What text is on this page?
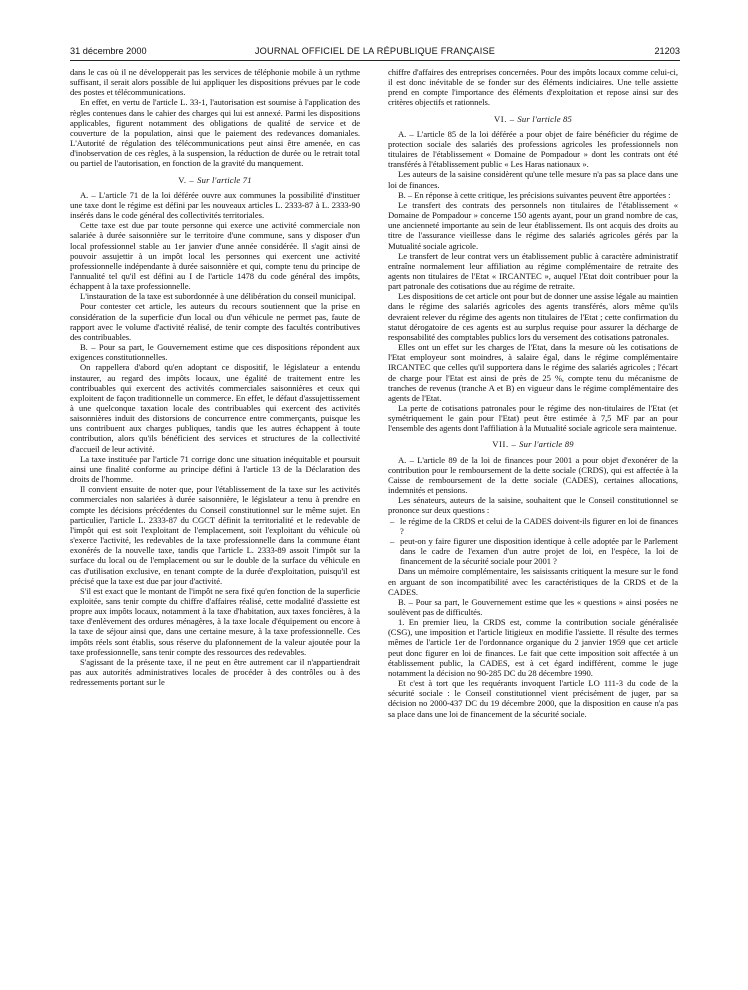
31 décembre 2000	JOURNAL OFFICIEL DE LA RÉPUBLIQUE FRANÇAISE	21203

dans le cas où il ne développerait pas les services de téléphonie mobile à un rythme suffisant, il serait alors possible de lui appliquer les dispositions prévues par le code des postes et télécommunications.

En effet, en vertu de l'article L. 33-1, l'autorisation est soumise à l'application des règles contenues dans le cahier des charges qui lui est annexé. Parmi les dispositions applicables, figurent notamment des obligations de qualité de service et de couverture de la population, ainsi que le paiement des redevances domaniales. L'Autorité de régulation des télécommunications peut ainsi être amenée, en cas d'inobservation de ces règles, à la suspension, la réduction de durée ou le retrait total ou partiel de l'autorisation, en fonction de la gravité du manquement.

V. – Sur l'article 71

A. – L'article 71 de la loi déférée ouvre aux communes la possibilité d'instituer une taxe dont le régime est défini par les nouveaux articles L. 2333-87 à L. 2333-90 insérés dans le code général des collectivités territoriales.

Cette taxe est due par toute personne qui exerce une activité commerciale non salariée à durée saisonnière sur le territoire d'une commune, sans y disposer d'un local professionnel stable au 1er janvier d'une année considérée. Il s'agit ainsi de pouvoir assujettir à un impôt local les personnes qui exercent une activité professionnelle indépendante à durée saisonnière et qui, compte tenu du principe de l'annualité tel qu'il est défini au I de l'article 1478 du code général des impôts, échappent à la taxe professionnelle.

L'instauration de la taxe est subordonnée à une délibération du conseil municipal.

Pour contester cet article, les auteurs du recours soutiennent que la prise en considération de la superficie d'un local ou d'un véhicule ne permet pas, faute de rapport avec le volume d'activité réalisé, de tenir compte des facultés contributives des contribuables.

B. – Pour sa part, le Gouvernement estime que ces dispositions répondent aux exigences constitutionnelles.

On rappellera d'abord qu'en adoptant ce dispositif, le législateur a entendu instaurer, au regard des impôts locaux, une égalité de traitement entre les contribuables qui exercent des activités commerciales saisonnières et ceux qui exploitent de façon traditionnelle un commerce. En effet, le défaut d'assujettissement à une quelconque taxation locale des contribuables qui exercent des activités saisonnières induit des distorsions de concurrence entre commerçants, puisque les uns contribuent aux charges publiques, tandis que les autres échappent à toute contribution, alors qu'ils bénéficient des services et structures de la collectivité d'accueil de leur activité.

La taxe instituée par l'article 71 corrige donc une situation inéquitable et poursuit ainsi une finalité conforme au principe défini à l'article 13 de la Déclaration des droits de l'homme.

Il convient ensuite de noter que, pour l'établissement de la taxe sur les activités commerciales non salariées à durée saisonnière, le législateur a tenu à prendre en compte les décisions précédentes du Conseil constitutionnel sur le même sujet. En particulier, l'article L. 2333-87 du CGCT définit la territorialité et le redevable de l'impôt qui est soit l'exploitant de l'emplacement, soit l'exploitant du véhicule où s'exerce l'activité, les redevables de la taxe professionnelle dans la commune étant exonérés de la nouvelle taxe, tandis que l'article L. 2333-89 assoit l'impôt sur la surface du local ou de l'emplacement ou sur le double de la surface du véhicule en cas d'utilisation exclusive, en tenant compte de la durée d'exploitation, puisqu'il est précisé que la taxe est due par jour d'activité.

S'il est exact que le montant de l'impôt ne sera fixé qu'en fonction de la superficie exploitée, sans tenir compte du chiffre d'affaires réalisé, cette modalité d'assiette est propre aux impôts locaux, notamment à la taxe d'habitation, aux taxes foncières, à la taxe d'enlèvement des ordures ménagères, à la taxe locale d'équipement ou encore à la taxe de séjour ainsi que, dans une certaine mesure, à la taxe professionnelle. Ces impôts réels sont établis, sous réserve du plafonnement de la valeur ajoutée pour la taxe professionnelle, sans tenir compte des ressources des redevables.

S'agissant de la présente taxe, il ne peut en être autrement car il n'appartiendrait pas aux autorités administratives locales de procéder à des contrôles ou à des redressements portant sur le

chiffre d'affaires des entreprises concernées. Pour des impôts locaux comme celui-ci, il est donc inévitable de se fonder sur des éléments indiciaires. Une telle assiette prend en compte l'importance des éléments d'exploitation et repose ainsi sur des critères objectifs et rationnels.

VI. – Sur l'article 85

A. – L'article 85 de la loi déférée a pour objet de faire bénéficier du régime de protection sociale des salariés des professions agricoles les professionnels non titulaires de l'établissement « Domaine de Pompadour » dont les contrats ont été transférés à l'établissement public « Les Haras nationaux ».

Les auteurs de la saisine considèrent qu'une telle mesure n'a pas sa place dans une loi de finances.

B. – En réponse à cette critique, les précisions suivantes peuvent être apportées :

Le transfert des contrats des personnels non titulaires de l'établissement « Domaine de Pompadour » concerne 150 agents ayant, pour un grand nombre de cas, une ancienneté importante au sein de leur établissement. Ils ont acquis des droits au titre de l'assurance vieillesse dans le régime des salariés agricoles gérés par la Mutualité sociale agricole.

Le transfert de leur contrat vers un établissement public à caractère administratif entraîne normalement leur affiliation au régime complémentaire de retraite des agents non titulaires de l'Etat « IRCANTEC », auquel l'Etat doit contribuer pour la part patronale des cotisations due au régime de retraite.

Les dispositions de cet article ont pour but de donner une assise légale au maintien dans le régime des salariés agricoles des agents transférés, alors même qu'ils devraient relever du régime des agents non titulaires de l'Etat ; cette confirmation du statut dérogatoire de ces agents est au surplus requise pour assurer la décharge de responsabilité des comptables publics lors du versement des cotisations patronales.

Elles ont un effet sur les charges de l'Etat, dans la mesure où les cotisations de l'Etat employeur sont moindres, à salaire égal, dans le régime complémentaire IRCANTEC que celles qu'il supportera dans le régime des salariés agricoles ; l'écart de charge pour l'Etat est ainsi de près de 25 %, compte tenu du mécanisme de tranches de revenus (tranche A et B) en vigueur dans le régime complémentaire des agents de l'Etat.

La perte de cotisations patronales pour le régime des non-titulaires de l'Etat (et symétriquement le gain pour l'Etat) peut être estimée à 7,5 MF par an pour l'ensemble des agents dont l'affiliation à la Mutualité sociale agricole sera maintenue.

VII. – Sur l'article 89

A. – L'article 89 de la loi de finances pour 2001 a pour objet d'exonérer de la contribution pour le remboursement de la dette sociale (CRDS), qui est affectée à la Caisse de remboursement de la dette sociale (CADES), certaines allocations, indemnités et pensions.

Les sénateurs, auteurs de la saisine, souhaitent que le Conseil constitutionnel se prononce sur deux questions :

– le régime de la CRDS et celui de la CADES doivent-ils figurer en loi de finances ?
– peut-on y faire figurer une disposition identique à celle adoptée par le Parlement dans le cadre de l'examen d'un autre projet de loi, en l'espèce, la loi de financement de la sécurité sociale pour 2001 ?

Dans un mémoire complémentaire, les saisissants critiquent la mesure sur le fond en arguant de son incompatibilité avec les caractéristiques de la CRDS et de la CADES.

B. – Pour sa part, le Gouvernement estime que les « questions » ainsi posées ne soulèvent pas de difficultés.

1. En premier lieu, la CRDS est, comme la contribution sociale généralisée (CSG), une imposition et l'article litigieux en modifie l'assiette. Il résulte des termes mêmes de l'article 1er de l'ordonnance organique du 2 janvier 1959 que cet article peut donc figurer en loi de finances. Le fait que cette imposition soit affectée à un établissement public, la CADES, est à cet égard indifférent, comme le juge notamment la décision no 90-285 DC du 28 décembre 1990.

Et c'est à tort que les requérants invoquent l'article LO 111-3 du code de la sécurité sociale : le Conseil constitutionnel vient précisément de juger, par sa décision no 2000-437 DC du 19 décembre 2000, que la disposition en cause n'a pas sa place dans une loi de financement de la sécurité sociale.
